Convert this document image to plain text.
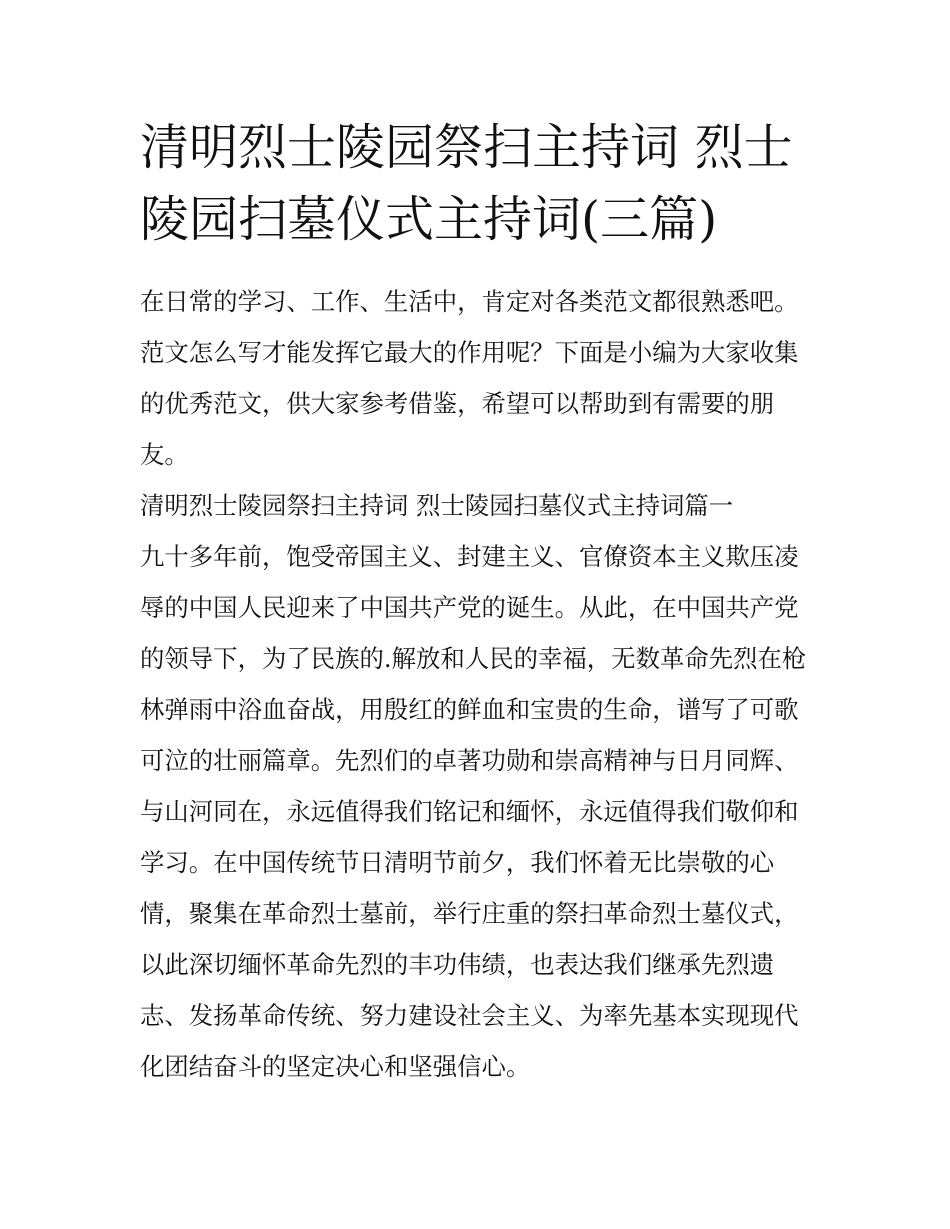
清明烈士陵园祭扫主持词 烈士陵园扫墓仪式主持词(三篇)

在日常的学习、工作、生活中，肯定对各类范文都很熟悉吧。范文怎么写才能发挥它最大的作用呢？下面是小编为大家收集的优秀范文，供大家参考借鉴，希望可以帮助到有需要的朋友。

清明烈士陵园祭扫主持词 烈士陵园扫墓仪式主持词篇一

九十多年前，饱受帝国主义、封建主义、官僚资本主义欺压凌辱的中国人民迎来了中国共产党的诞生。从此，在中国共产党的领导下，为了民族的.解放和人民的幸福，无数革命先烈在枪林弹雨中浴血奋战，用殷红的鲜血和宝贵的生命，谱写了可歌可泣的壮丽篇章。先烈们的卓著功勋和崇高精神与日月同辉、与山河同在，永远值得我们铭记和缅怀，永远值得我们敬仰和学习。在中国传统节日清明节前夕，我们怀着无比崇敬的心情，聚集在革命烈士墓前，举行庄重的祭扫革命烈士墓仪式，以此深切缅怀革命先烈的丰功伟绩，也表达我们继承先烈遗志、发扬革命传统、努力建设社会主义、为率先基本实现现代化团结奋斗的坚定决心和坚强信心。
